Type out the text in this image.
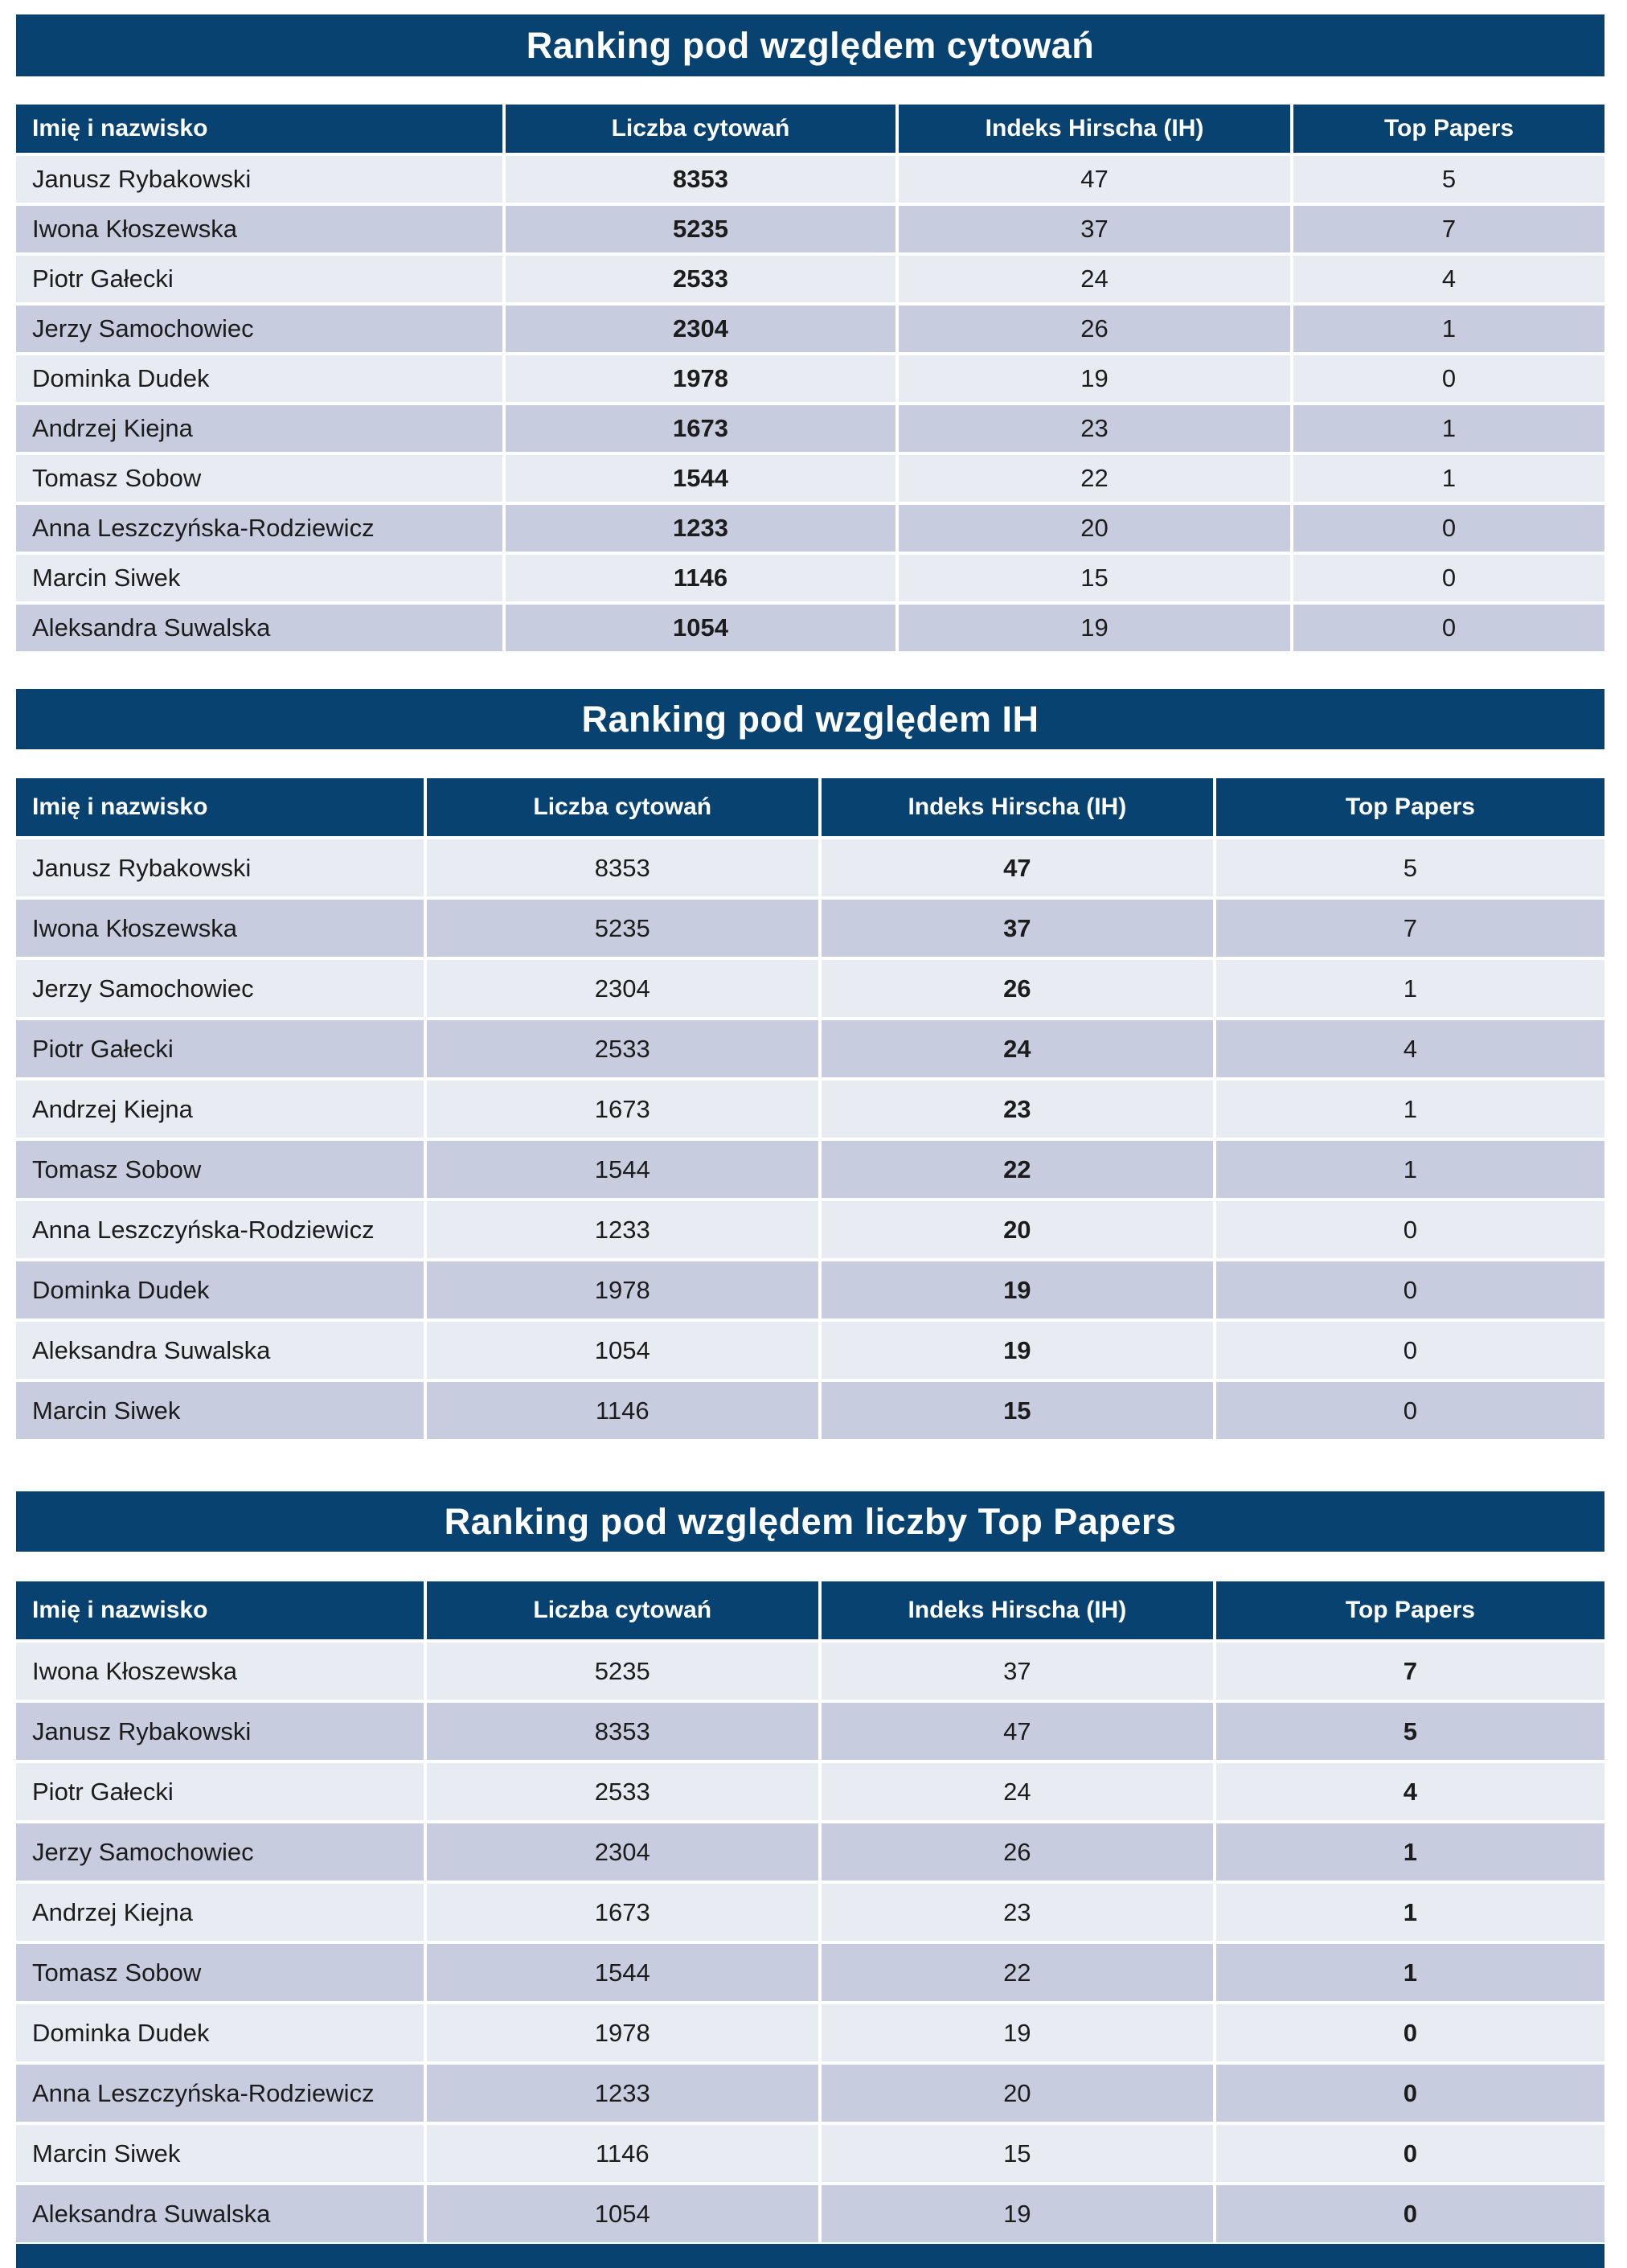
Ranking pod względem cytowań
Imię i nazwisko	Liczba cytowań	Indeks Hirscha (IH)	Top Papers
Janusz Rybakowski	8353	47	5
Iwona Kłoszewska	5235	37	7
Piotr Gałecki	2533	24	4
Jerzy Samochowiec	2304	26	1
Dominka Dudek	1978	19	0
Andrzej Kiejna	1673	23	1
Tomasz Sobow	1544	22	1
Anna Leszczyńska-Rodziewicz	1233	20	0
Marcin Siwek	1146	15	0
Aleksandra Suwalska	1054	19	0
Ranking pod względem IH
Imię i nazwisko	Liczba cytowań	Indeks Hirscha (IH)	Top Papers
Janusz Rybakowski	8353	47	5
Iwona Kłoszewska	5235	37	7
Jerzy Samochowiec	2304	26	1
Piotr Gałecki	2533	24	4
Andrzej Kiejna	1673	23	1
Tomasz Sobow	1544	22	1
Anna Leszczyńska-Rodziewicz	1233	20	0
Dominka Dudek	1978	19	0
Aleksandra Suwalska	1054	19	0
Marcin Siwek	1146	15	0
Ranking pod względem liczby Top Papers
Imię i nazwisko	Liczba cytowań	Indeks Hirscha (IH)	Top Papers
Iwona Kłoszewska	5235	37	7
Janusz Rybakowski	8353	47	5
Piotr Gałecki	2533	24	4
Jerzy Samochowiec	2304	26	1
Andrzej Kiejna	1673	23	1
Tomasz Sobow	1544	22	1
Dominka Dudek	1978	19	0
Anna Leszczyńska-Rodziewicz	1233	20	0
Marcin Siwek	1146	15	0
Aleksandra Suwalska	1054	19	0
